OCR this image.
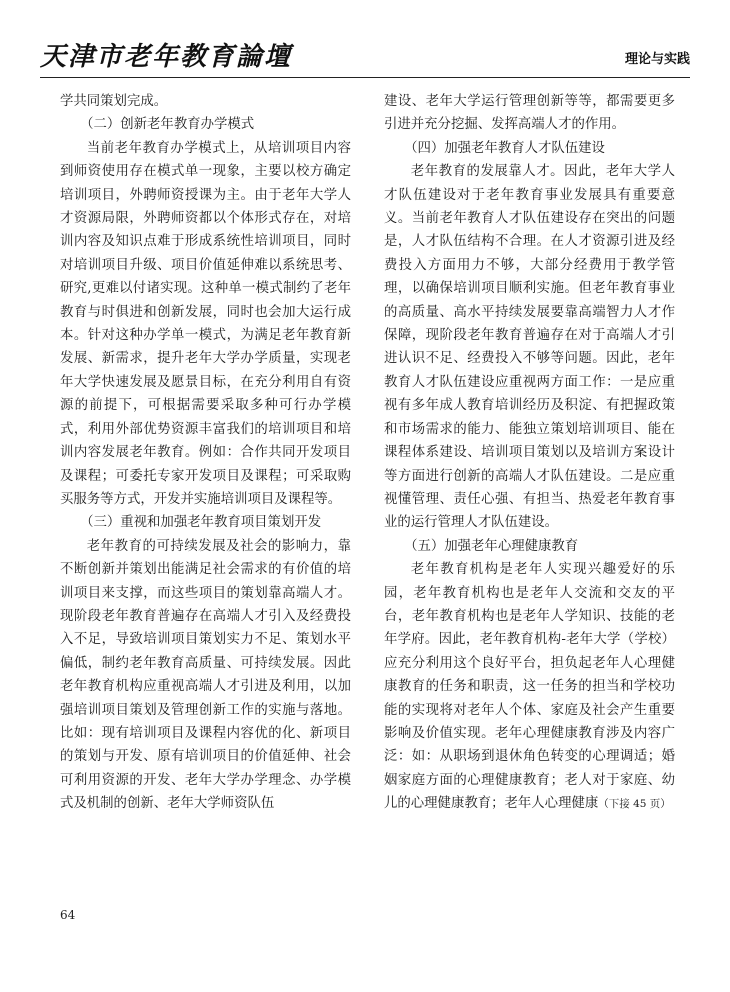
天津市老年教育論壇	理论与实践

学共同策划完成。

（二）创新老年教育办学模式

当前老年教育办学模式上，从培训项目内容到师资使用存在模式单一现象，主要以校方确定培训项目，外聘师资授课为主。由于老年大学人才资源局限，外聘师资都以个体形式存在，对培训内容及知识点难于形成系统性培训项目，同时对培训项目升级、项目价值延伸难以系统思考、研究,更难以付诸实现。这种单一模式制约了老年教育与时俱进和创新发展，同时也会加大运行成本。针对这种办学单一模式，为满足老年教育新发展、新需求，提升老年大学办学质量，实现老年大学快速发展及愿景目标，在充分利用自有资源的前提下，可根据需要采取多种可行办学模式，利用外部优势资源丰富我们的培训项目和培训内容发展老年教育。例如：合作共同开发项目及课程；可委托专家开发项目及课程；可采取购买服务等方式，开发并实施培训项目及课程等。

（三）重视和加强老年教育项目策划开发

老年教育的可持续发展及社会的影响力，靠不断创新并策划出能满足社会需求的有价值的培训项目来支撑，而这些项目的策划靠高端人才。现阶段老年教育普遍存在高端人才引入及经费投入不足，导致培训项目策划实力不足、策划水平偏低，制约老年教育高质量、可持续发展。因此老年教育机构应重视高端人才引进及利用，以加强培训项目策划及管理创新工作的实施与落地。比如：现有培训项目及课程内容优的化、新项目的策划与开发、原有培训项目的价值延伸、社会可利用资源的开发、老年大学办学理念、办学模式及机制的创新、老年大学师资队伍

建设、老年大学运行管理创新等等，都需要更多引进并充分挖掘、发挥高端人才的作用。

（四）加强老年教育人才队伍建设

老年教育的发展靠人才。因此，老年大学人才队伍建设对于老年教育事业发展具有重要意义。当前老年教育人才队伍建设存在突出的问题是，人才队伍结构不合理。在人才资源引进及经费投入方面用力不够，大部分经费用于教学管理，以确保培训项目顺利实施。但老年教育事业的高质量、高水平持续发展要靠高端智力人才作保障，现阶段老年教育普遍存在对于高端人才引进认识不足、经费投入不够等问题。因此，老年教育人才队伍建设应重视两方面工作：一是应重视有多年成人教育培训经历及积淀、有把握政策和市场需求的能力、能独立策划培训项目、能在课程体系建设、培训项目策划以及培训方案设计等方面进行创新的高端人才队伍建设。二是应重视懂管理、责任心强、有担当、热爱老年教育事业的运行管理人才队伍建设。

（五）加强老年心理健康教育

老年教育机构是老年人实现兴趣爱好的乐园，老年教育机构也是老年人交流和交友的平台，老年教育机构也是老年人学知识、技能的老年学府。因此，老年教育机构-老年大学（学校）应充分利用这个良好平台，担负起老年人心理健康教育的任务和职责，这一任务的担当和学校功能的实现将对老年人个体、家庭及社会产生重要影响及价值实现。老年心理健康教育涉及内容广泛：如：从职场到退休角色转变的心理调适；婚姻家庭方面的心理健康教育；老人对于家庭、幼儿的心理健康教育；老年人心理健康（下接 45 页）

64
